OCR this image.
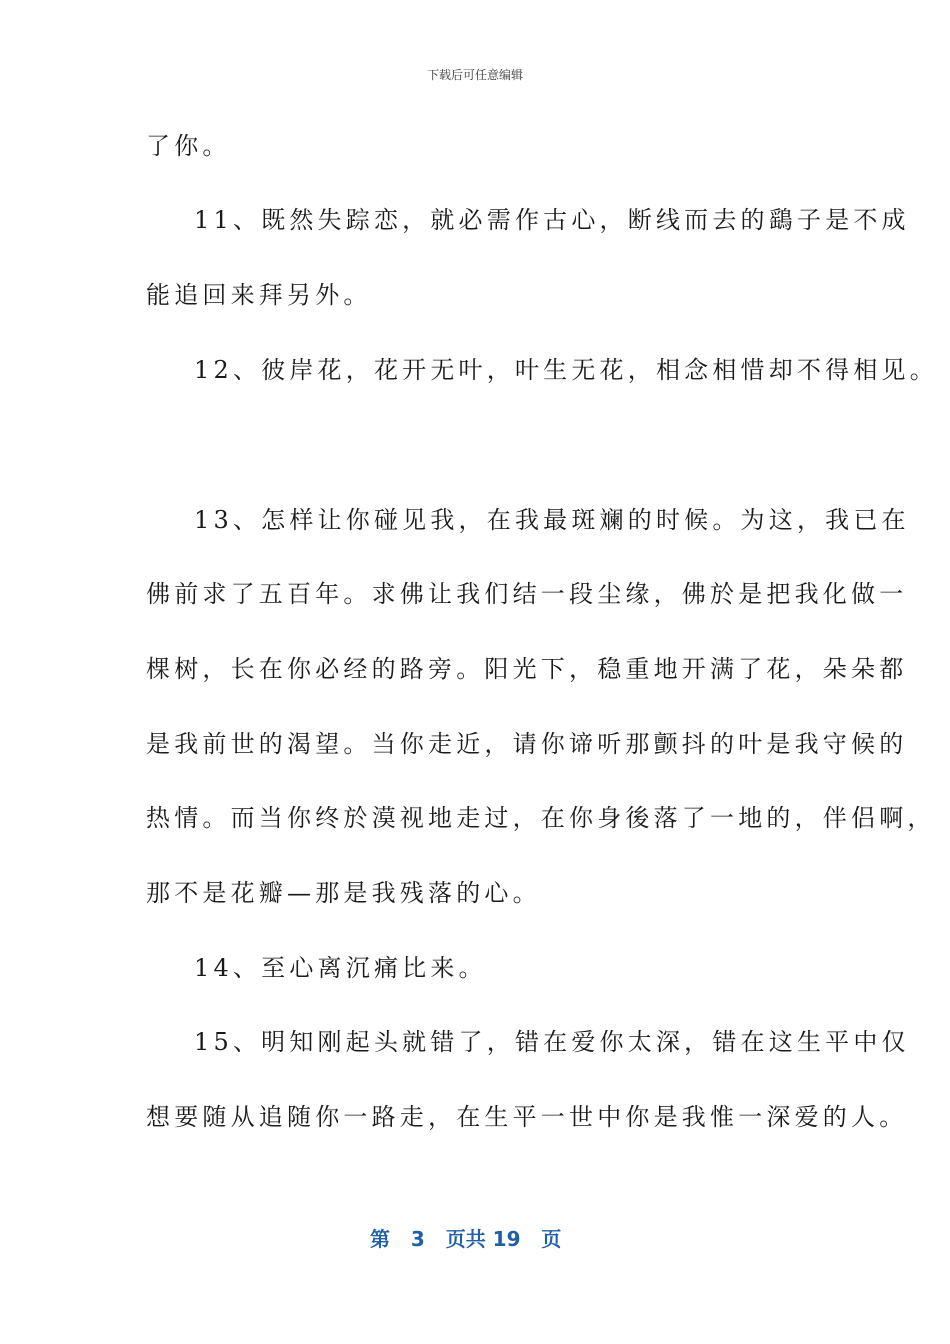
下载后可任意编辑
了你。
11、既然失踪恋，就必需作古心，断线而去的鷂子是不成
能追回来拜另外。
12、彼岸花，花开无叶，叶生无花，相念相惜却不得相见。
13、怎样让你碰见我，在我最斑斓的时候。为这，我已在
佛前求了五百年。求佛让我们结一段尘缘，佛於是把我化做一
棵树，长在你必经的路旁。阳光下，稳重地开满了花，朵朵都
是我前世的渴望。当你走近，请你谛听那颤抖的叶是我守候的
热情。而当你终於漠视地走过，在你身後落了一地的，伴侣啊，
那不是花瓣—那是我残落的心。
14、至心离沉痛比来。
15、明知刚起头就错了，错在爱你太深，错在这生平中仅
想要随从追随你一路走，在生平一世中你是我惟一深爱的人。
第 3 页共 19 页
